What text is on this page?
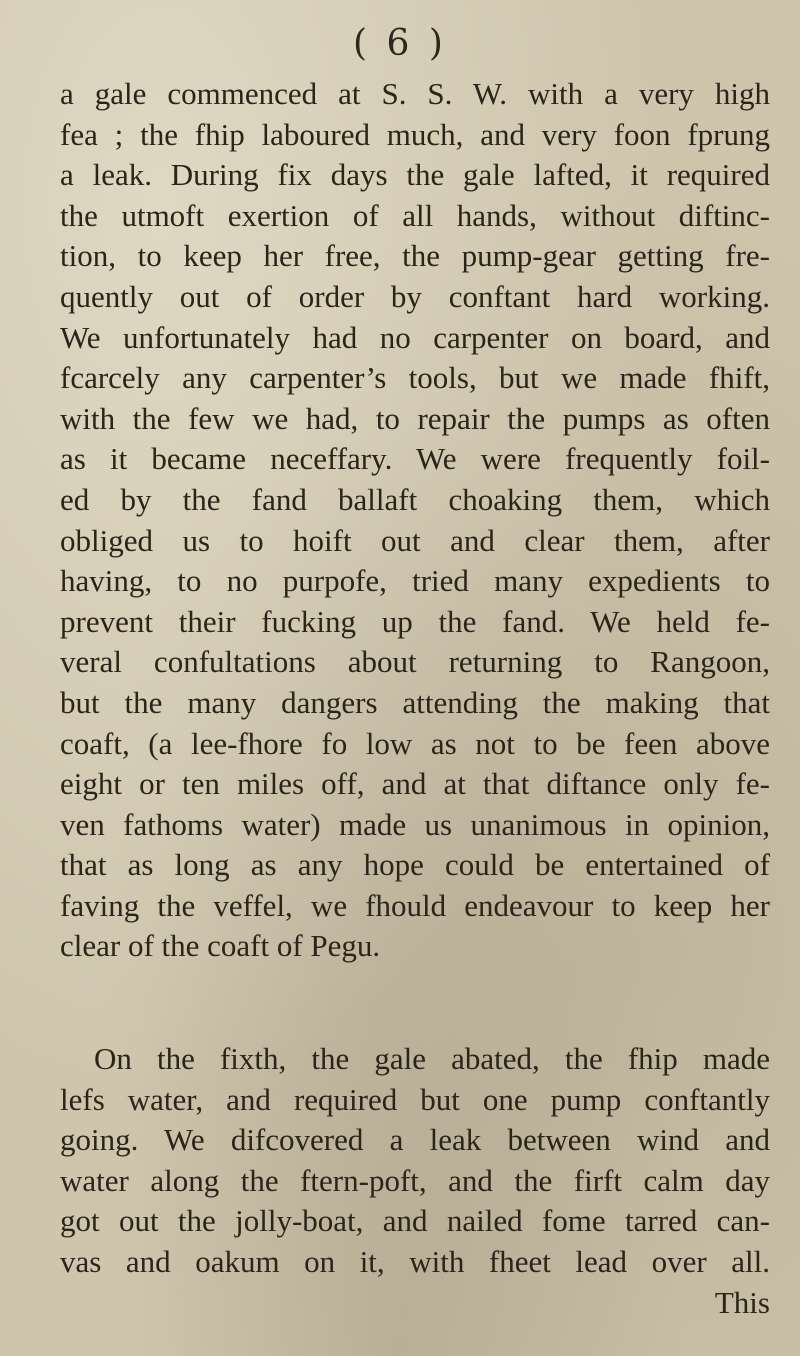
( 6 )
a gale commenced at S. S. W. with a very high
fea ; the fhip laboured much, and very foon fprung
a leak. During fix days the gale lafted, it required
the utmoft exertion of all hands, without diftinc-
tion, to keep her free, the pump-gear getting fre-
quently out of order by conftant hard working.
We unfortunately had no carpenter on board, and
fcarcely any carpenter’s tools, but we made fhift,
with the few we had, to repair the pumps as often
as it became neceffary. We were frequently foil-
ed by the fand ballaft choaking them, which
obliged us to hoift out and clear them, after
having, to no purpofe, tried many expedients to
prevent their fucking up the fand. We held fe-
veral confultations about returning to Rangoon,
but the many dangers attending the making that
coaft, (a lee-fhore fo low as not to be feen above
eight or ten miles off, and at that diftance only fe-
ven fathoms water) made us unanimous in opinion,
that as long as any hope could be entertained of
faving the veffel, we fhould endeavour to keep her
clear of the coaft of Pegu.
On the fixth, the gale abated, the fhip made
lefs water, and required but one pump conftantly
going. We difcovered a leak between wind and
water along the ftern-poft, and the firft calm day
got out the jolly-boat, and nailed fome tarred can-
vas and oakum on it, with fheet lead over all.
This
